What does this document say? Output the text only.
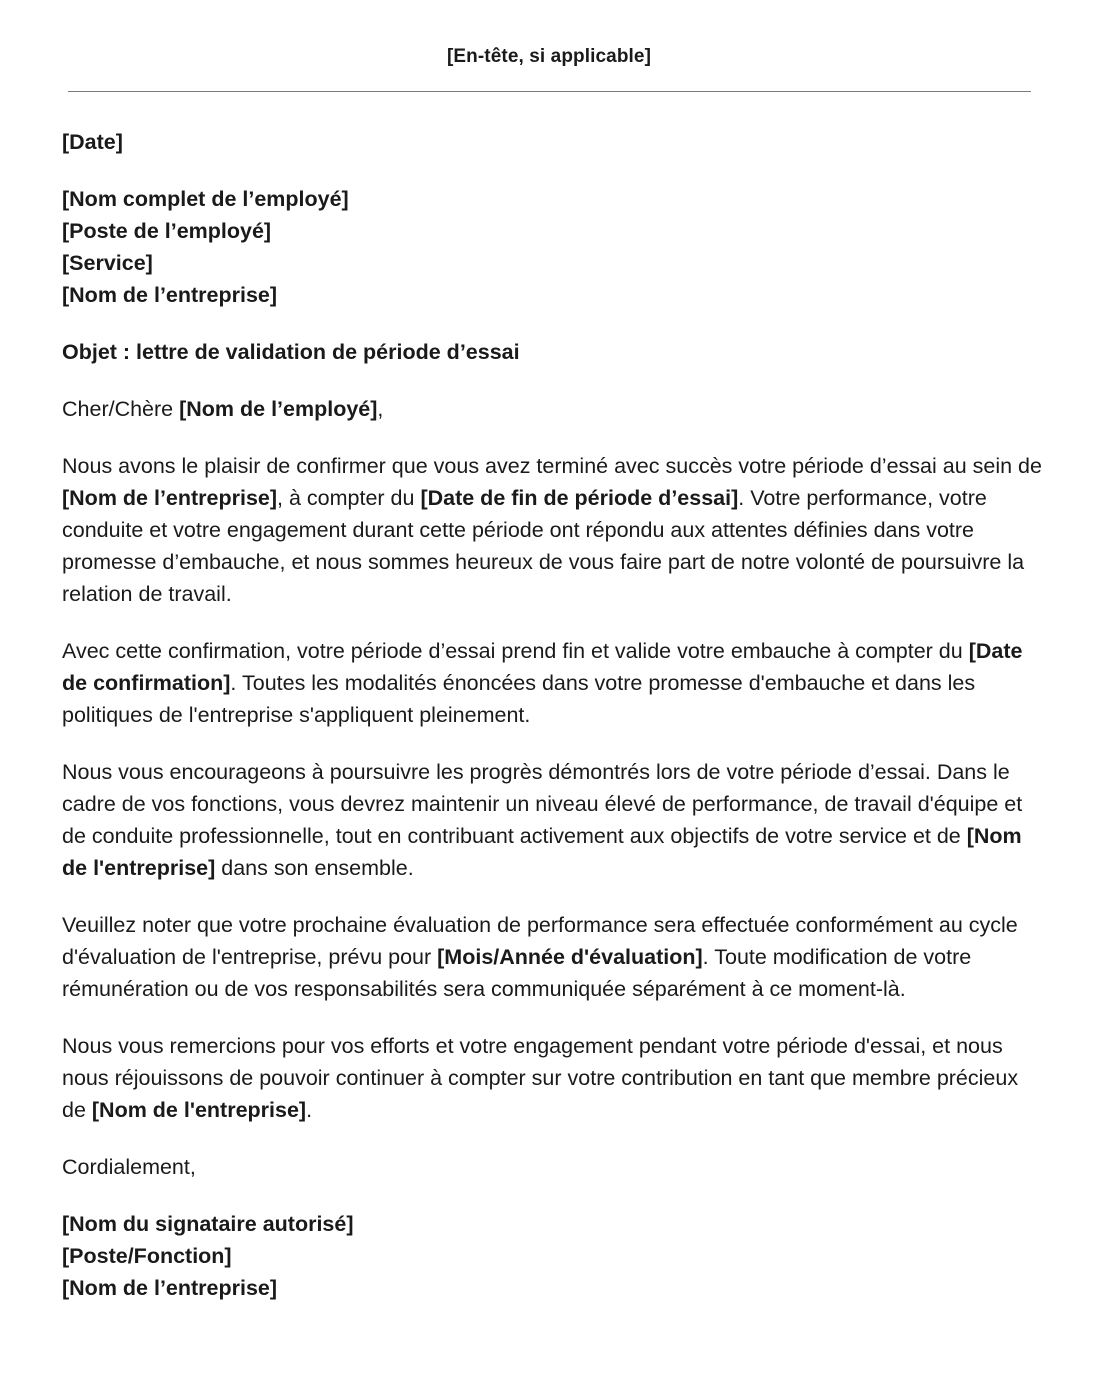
[En-tête, si applicable]

[Date]

[Nom complet de l’employé]
[Poste de l’employé]
[Service]
[Nom de l’entreprise]

Objet : lettre de validation de période d’essai

Cher/Chère [Nom de l’employé],

Nous avons le plaisir de confirmer que vous avez terminé avec succès votre période d’essai au sein de [Nom de l’entreprise], à compter du [Date de fin de période d’essai]. Votre performance, votre conduite et votre engagement durant cette période ont répondu aux attentes définies dans votre promesse d’embauche, et nous sommes heureux de vous faire part de notre volonté de poursuivre la relation de travail.

Avec cette confirmation, votre période d’essai prend fin et valide votre embauche à compter du [Date de confirmation]. Toutes les modalités énoncées dans votre promesse d'embauche et dans les politiques de l'entreprise s'appliquent pleinement.

Nous vous encourageons à poursuivre les progrès démontrés lors de votre période d’essai. Dans le cadre de vos fonctions, vous devrez maintenir un niveau élevé de performance, de travail d'équipe et de conduite professionnelle, tout en contribuant activement aux objectifs de votre service et de [Nom de l'entreprise] dans son ensemble.

Veuillez noter que votre prochaine évaluation de performance sera effectuée conformément au cycle d'évaluation de l'entreprise, prévu pour [Mois/Année d'évaluation]. Toute modification de votre rémunération ou de vos responsabilités sera communiquée séparément à ce moment-là.

Nous vous remercions pour vos efforts et votre engagement pendant votre période d'essai, et nous nous réjouissons de pouvoir continuer à compter sur votre contribution en tant que membre précieux de [Nom de l'entreprise].

Cordialement,

[Nom du signataire autorisé]
[Poste/Fonction]
[Nom de l’entreprise]
